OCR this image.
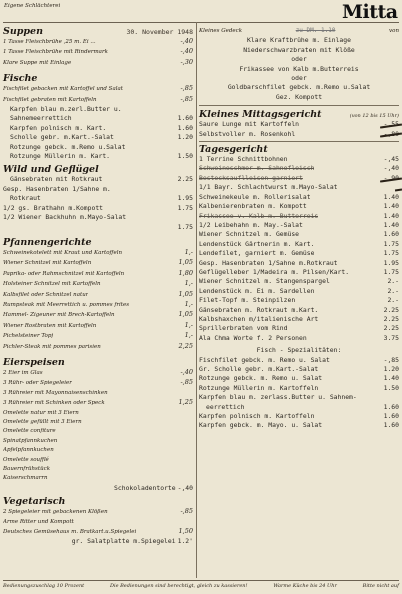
Eigene Schlächterei	Mitta
Suppen	30. November 1948
1 Tasse Fleischbrühe ,25 m. Ei ...	-,40
1 Tasse Fleischbrühe mit Rindermark	-,40
Klare Suppe mit Einlage	-,30
Fische
Fischfilet gebacken mit Kartoffel und Salat	-,85
Fischfilet gebraten mit Kartoffeln	-,85
Karpfen blau m.zerl.Butter u.
Sahnemeerrettich	1.60
Karpfen polnisch m. Kart.	1.60
Scholle gebr. m.Kart.-Salat	1.20
Rotzunge gebck. m.Remo u.Salat
Rotzunge Müllerin m. Kart.	1.50
Wild und Geflügel
Gänsebraten mit Rotkraut	2.25
Gesp. Hasenbraten 1/Sahne m.
Rotkraut	1.95
1/2 gs. Brathahn m.Kompott	1.75
1/2 Wiener Backhuhn m.Mayo-Salat
1.75
Pfannengerichte
Schweinekotelett mit Kraut und Kartoffeln	1,-
Wiener Schnitzel mit Kartoffeln	1,05
Paprika- oder Rahmschnitzel mit Kartoffeln	1,80
Holsteiner Schnitzel mit Kartoffeln	1,-
Kalbsfilet oder Schnitzel natur	1,05
Rumpsteak mit Meerrettich u. pommes frites	1,-
Hammel- Zigeuner mit Brech-Kartoffeln	1,05
Wiener Rostbraten mit Kartoffeln	1,-
Pichelsteiner Topf	1,-
Pichler-Steak mit pommes parisien	2,25
Eierspeisen
2 Eier im Glas	-,40
3 Rühr- oder Spiegeleier	-,85
3 Rühreier mit Mayonnaisenschinken
3 Rühreier mit Schinken oder Speck	1,25
Omelette natur mit 3 Eiern
Omelette gefüllt mit 3 Eiern
Omelette confiture
Spinatpfannkuchen
Apfelpfannkuchen
Omelette soufflé
Bauernfrühstück
Kaiserschmarrn
Schokoladentorte -,40
Vegetarisch
2 Spiegeleier mit gebackenen Klößen	-,85
Arme Ritter und Kompott
Deutsches Gemüsehaus m. Bratkart.u.Spiegelei	1,50
gr. Salatplatte m.Spiegelei 1.2'
Kleines Gedeck	zu DM. 1.10	von
Klare Kraftbrühe m. Einlage
Niederschwarzbraten mit Klöße
oder
Frikassee von Kalb m.Butterreis
oder
Goldbarschfilet gebck. m.Remo u.Salat
Gez. Kompott
Kleines Mittagsgericht	(von 12 bis 15 Uhr)
Saure Lunge mit Kartoffeln	-,55
Selbstvoller m. Rosenkohl	-,80
Tagesgericht
1 Terrine Schnittbohnen	-,45
Schweineschmer m. Sahnefleisch	-,40
Bestecksauflleisen garniert	-,90
1/1 Bayr. Schlachtwurst m.Mayo-Salat
Schweinekeule m. Rollerisalat	1.40
Kalbenierenbraten m. Kompott	1.40
Frikassee v. Kalb m. Butterreis	1.40
1/2 Leibehahn m. May.-Salat	1.40
Wiener Schnitzel m. Gemüse	1.60
Lendenstück Gärtnerin m. Kart.	1.75
Lendefilet, garniert m. Gemüse	1.75
Gesp. Hasenbraten 1/Sahne m.Rotkraut	1.95
Geflügelleber 1/Madeira m. Pilsen/Kart.	1.75
Wiener Schnitzel m. Stangenspargel	2.-
Lendenstück m. Ei m. Sardellen	2.-
Filet-Topf m. Steinpilzen	2.-
Gänsebraten m. Rotkraut m.Kart.	2.25
Kalbshaxchen m/italienische Art	2.25
Sprillerbraten vom Rind	2.25
Ala Chma Worte f. 2 Personen	3.75
Fisch - Spezialitäten:
Fischfilet gebck. m. Remo u. Salat	-,85
Gr. Scholle gebr. m.Kart.-Salat	1.20
Rotzunge gebck. m. Remo u. Salat	1.40
Rotzunge Müllerin m. Kartoffeln	1.50
Karpfen blau m. zerlass.Butter u. Sahnem-
eerrettich	1.60
Karpfen polnisch m. Kartoffeln	1.60
Karpfen gebck. m. Mayo. u. Salat	1.60
Bedienungszuschlag 10 Prozent	Die Bedienungen sind berechtigt, gleich zu kassieren!	Warme Küche bis 24 Uhr	Bitte nicht auf
